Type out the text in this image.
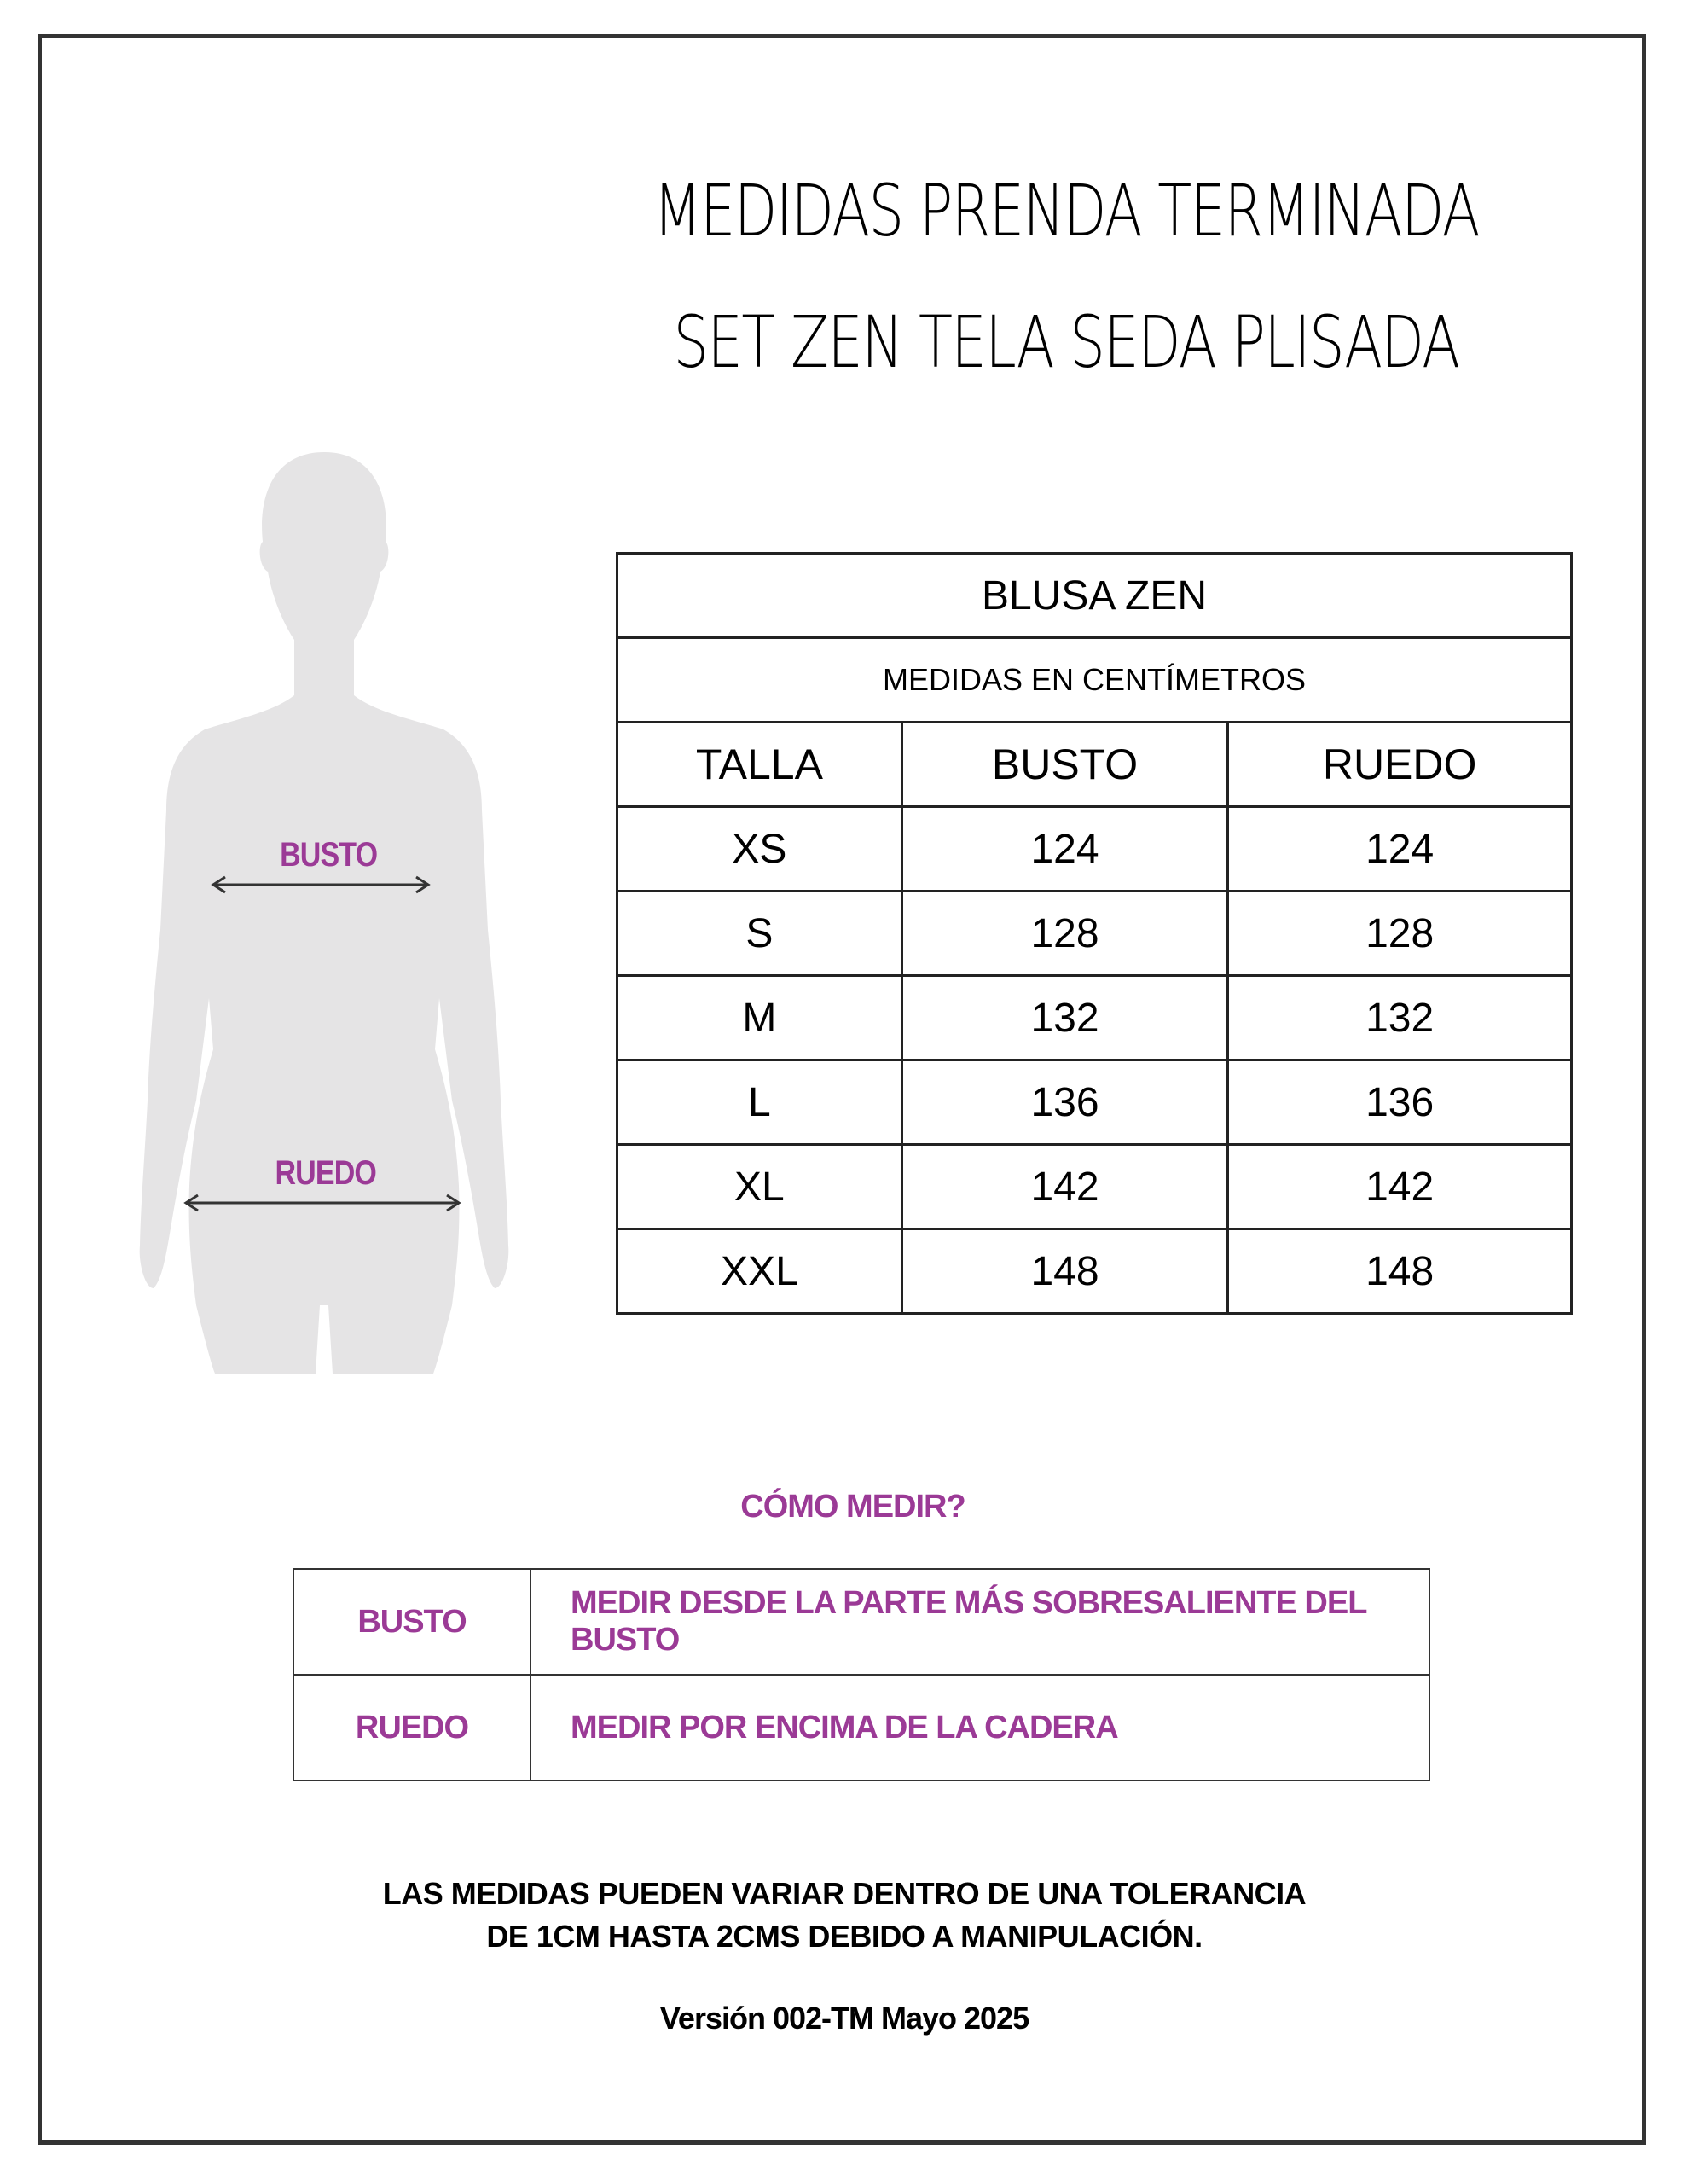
MEDIDAS PRENDA TERMINADA
SET ZEN TELA SEDA PLISADA
BUSTO
RUEDO
BLUSA ZEN		
MEDIDAS EN CENTÍMETROS		
TALLA	BUSTO	RUEDO
XS	124	124
S	128	128
M	132	132
L	136	136
XL	142	142
XXL	148	148
CÓMO MEDIR?
BUSTO	MEDIR DESDE LA PARTE MÁS SOBRESALIENTE DEL BUSTO
RUEDO	MEDIR POR ENCIMA DE LA CADERA
LAS MEDIDAS PUEDEN VARIAR DENTRO DE UNA TOLERANCIA
DE 1CM HASTA 2CMS DEBIDO A MANIPULACIÓN.
Versión 002-TM Mayo 2025
